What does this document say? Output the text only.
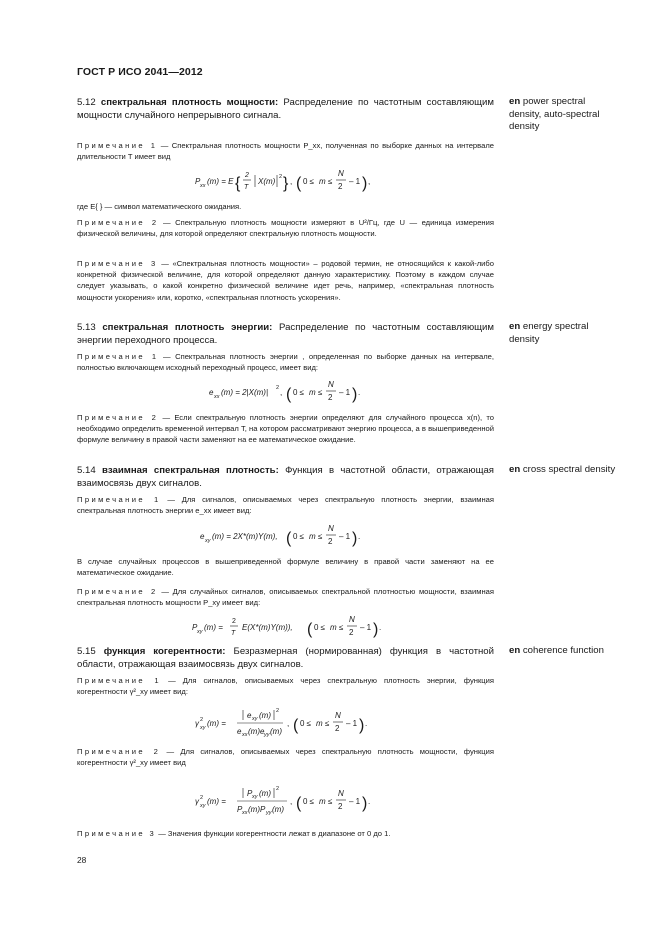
ГОСТ Р ИСО 2041—2012
5.12 спектральная плотность мощности: Распределение по частотным составляющим мощности случайного непрерывного сигнала.
en power spectral density, auto-spectral density
Примечание 1 — Спектральная плотность мощности P_xx, полученная по выборке данных на интервале длительности T имеет вид
P xx (m) = E { 2
T
X(m) 2 } , ( 0 ≤ m ≤
N
2
– 1 ) ,
где E{ } — символ математического ожидания.
Примечание 2 — Спектральную плотность мощности измеряют в U²/Гц, где U — единица измерения физической величины, для которой определяют спектральную плотность мощности.
Примечание 3 — «Спектральная плотность мощности» – родовой термин, не относящийся к какой-либо конкретной физической величине, для которой определяют данную характеристику. Поэтому в каждом случае следует указывать, о какой конкретно физической величине идет речь, например, «спектральная плотность мощности ускорения» или, коротко, «спектральная плотность ускорения».
5.13 спектральная плотность энергии: Распределение по частотным составляющим энергии переходного процесса.
en energy spectral density
Примечание 1 — Спектральная плотность энергии , определенная по выборке данных на интервале, полностью включающем исходный переходный процесс, имеет вид:
e xx (m) = 2|X(m)| 2 , ( 0 ≤ m ≤
N
2
– 1 ) .
Примечание 2 — Если спектральную плотность энергии определяют для случайного процесса x(n), то необходимо определить временной интервал T, на котором рассматривают энергию процесса, а в вышеприведенной формуле величину в правой части заменяют на ее математическое ожидание.
5.14 взаимная спектральная плотность: Функция в частотной области, отражающая взаимосвязь двух сигналов.
en cross spectral density
Примечание 1 — Для сигналов, описываемых через спектральную плотность энергии, взаимная спектральная плотность энергии e_xx имеет вид:
e xy (m) = 2X*(m)Y(m), ( 0 ≤ m ≤
N
2
– 1 ) .
В случае случайных процессов в вышеприведенной формуле величину в правой части заменяют на ее математическое ожидание.
Примечание 2 — Для случайных сигналов, описываемых спектральной плотностью мощности, взаимная спектральная плотность мощности P_xy имеет вид:
P xy (m) =
2
T
E(X*(m)Y(m)), ( 0 ≤ m ≤
N
2
– 1 ) .
5.15 функция когерентности: Безразмерная (нормированная) функция в частотной области, отражающая взаимосвязь двух сигналов.
en coherence function
Примечание 1 — Для сигналов, описываемых через спектральную плотность энергии, функция когерентности γ²_xy имеет вид:
γ 2
xy (m) =
e xy (m) 2
e xx (m)e yy (m)
, ( 0 ≤ m ≤
N
2
– 1 ) .
Примечание 2 — Для сигналов, описываемых через спектральную плотность мощности, функция когерентности γ²_xy имеет вид
γ 2
xy (m) =
P xy (m) 2
P xx (m)P yy (m)
, ( 0 ≤ m ≤
N
2
– 1 ) .
Примечание 3 — Значения функции когерентности лежат в диапазоне от 0 до 1.
28
